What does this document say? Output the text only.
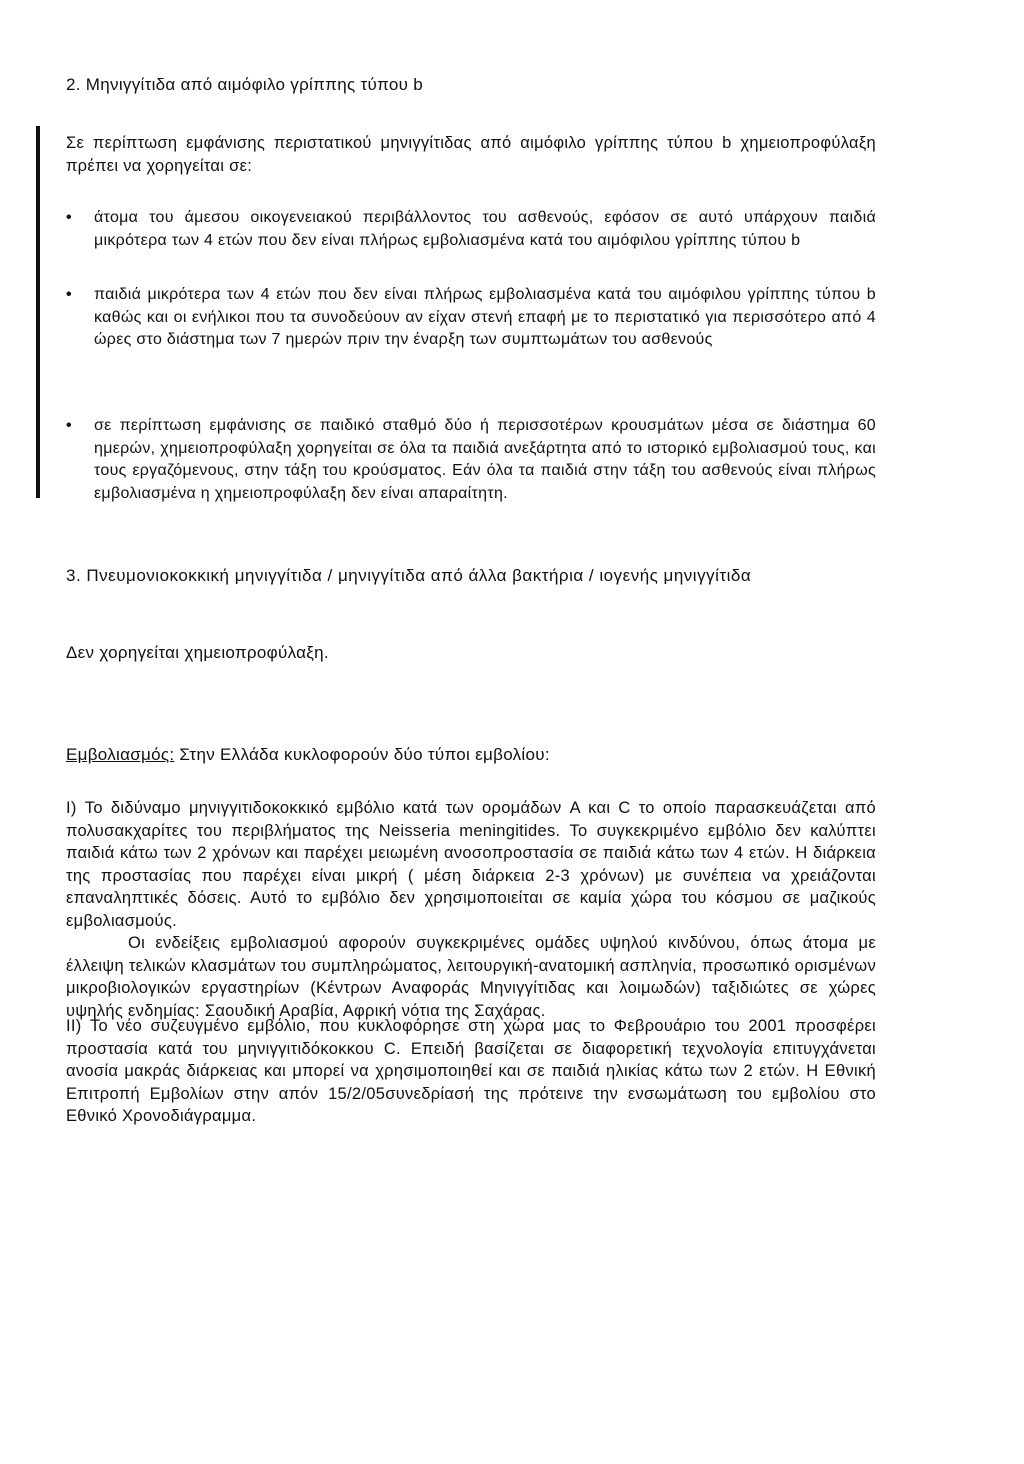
2. Μηνιγγίτιδα από αιμόφιλο γρίππης τύπου b

Σε περίπτωση εμφάνισης περιστατικού μηνιγγίτιδας από αιμόφιλο γρίππης τύπου b χημειοπροφύλαξη πρέπει να χορηγείται σε:

• άτομα του άμεσου οικογενειακού περιβάλλοντος του ασθενούς, εφόσον σε αυτό υπάρχουν παιδιά μικρότερα των 4 ετών που δεν είναι πλήρως εμβολιασμένα κατά του αιμόφιλου γρίππης τύπου b
• παιδιά μικρότερα των 4 ετών που δεν είναι πλήρως εμβολιασμένα κατά του αιμόφιλου γρίππης τύπου b καθώς και οι ενήλικοι που τα συνοδεύουν αν είχαν στενή επαφή με το περιστατικό για περισσότερο από 4 ώρες στο διάστημα των 7 ημερών πριν την έναρξη των συμπτωμάτων του ασθενούς
• σε περίπτωση εμφάνισης σε παιδικό σταθμό δύο ή περισσοτέρων κρουσμάτων μέσα σε διάστημα 60 ημερών, χημειοπροφύλαξη χορηγείται σε όλα τα παιδιά ανεξάρτητα από το ιστορικό εμβολιασμού τους, και τους εργαζόμενους, στην τάξη του κρούσματος. Εάν όλα τα παιδιά στην τάξη του ασθενούς είναι πλήρως εμβολιασμένα η χημειοπροφύλαξη δεν είναι απαραίτητη.

3. Πνευμονιοκοκκική μηνιγγίτιδα / μηνιγγίτιδα από άλλα βακτήρια / ιογενής μηνιγγίτιδα

Δεν χορηγείται χημειοπροφύλαξη.

Εμβολιασμός: Στην Ελλάδα κυκλοφορούν δύο τύποι εμβολίου:

I) Το διδύναμο μηνιγγιτιδοκοκκικό εμβόλιο κατά των ορομάδων A και C το οποίο παρασκευάζεται από πολυσακχαρίτες του περιβλήματος της Neisseria meningitides. Το συγκεκριμένο εμβόλιο δεν καλύπτει παιδιά κάτω των 2 χρόνων και παρέχει μειωμένη ανοσοπροστασία σε παιδιά κάτω των 4 ετών. Η διάρκεια της προστασίας που παρέχει είναι μικρή ( μέση διάρκεια 2-3 χρόνων) με συνέπεια να χρειάζονται επαναληπτικές δόσεις. Αυτό το εμβόλιο δεν χρησιμοποιείται σε καμία χώρα του κόσμου σε μαζικούς εμβολιασμούς.

Οι ενδείξεις εμβολιασμού αφορούν συγκεκριμένες ομάδες υψηλού κινδύνου, όπως άτομα με έλλειψη τελικών κλασμάτων του συμπληρώματος, λειτουργική-ανατομική ασπληνία, προσωπικό ορισμένων μικροβιολογικών εργαστηρίων (Κέντρων Αναφοράς Μηνιγγίτιδας και λοιμωδών) ταξιδιώτες σε χώρες υψηλής ενδημίας: Σαουδική Αραβία, Αφρική νότια της Σαχάρας.

II) Το νέο συζευγμένο εμβόλιο, που κυκλοφόρησε στη χώρα μας το Φεβρουάριο του 2001 προσφέρει προστασία κατά του μηνιγγιτιδόκοκκου C. Επειδή βασίζεται σε διαφορετική τεχνολογία επιτυγχάνεται ανοσία μακράς διάρκειας και μπορεί να χρησιμοποιηθεί και σε παιδιά ηλικίας κάτω των 2 ετών. Η Εθνική Επιτροπή Εμβολίων στην απόν 15/2/05συνεδρίασή της πρότεινε την ενσωμάτωση του εμβολίου στο Εθνικό Χρονοδιάγραμμα.
